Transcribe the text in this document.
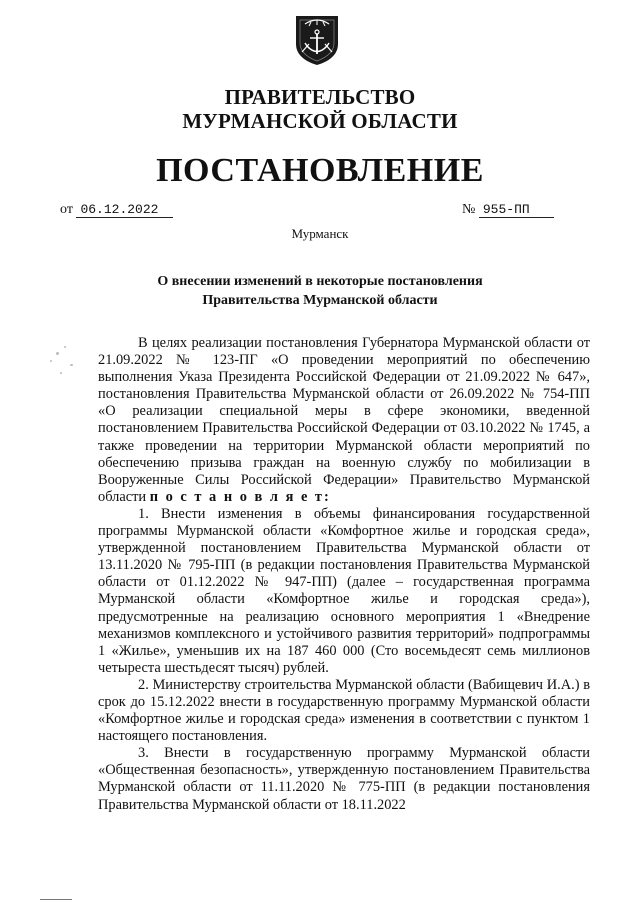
ПРАВИТЕЛЬСТВО
МУРМАНСКОЙ ОБЛАСТИ
ПОСТАНОВЛЕНИЕ
от 06.12.2022	№ 955-ПП
Мурманск
О внесении изменений в некоторые постановления
Правительства Мурманской области

В целях реализации постановления Губернатора Мурманской области от 21.09.2022 № 123-ПГ «О проведении мероприятий по обеспечению выполнения Указа Президента Российской Федерации от 21.09.2022 № 647», постановления Правительства Мурманской области от 26.09.2022 № 754-ПП «О реализации специальной меры в сфере экономики, введенной постановлением Правительства Российской Федерации от 03.10.2022 № 1745, а также проведении на территории Мурманской области мероприятий по обеспечению призыва граждан на военную службу по мобилизации в Вооруженные Силы Российской Федерации» Правительство Мурманской области п о с т а н о в л я е т:

1. Внести изменения в объемы финансирования государственной программы Мурманской области «Комфортное жилье и городская среда», утвержденной постановлением Правительства Мурманской области от 13.11.2020 № 795-ПП (в редакции постановления Правительства Мурманской области от 01.12.2022 № 947-ПП) (далее – государственная программа Мурманской области «Комфортное жилье и городская среда»), предусмотренные на реализацию основного мероприятия 1 «Внедрение механизмов комплексного и устойчивого развития территорий» подпрограммы 1 «Жилье», уменьшив их на 187 460 000 (Сто восемьдесят семь миллионов четыреста шестьдесят тысяч) рублей.

2. Министерству строительства Мурманской области (Вабищевич И.А.) в срок до 15.12.2022 внести в государственную программу Мурманской области «Комфортное жилье и городская среда» изменения в соответствии с пунктом 1 настоящего постановления.

3. Внести в государственную программу Мурманской области «Общественная безопасность», утвержденную постановлением Правительства Мурманской области от 11.11.2020 № 775-ПП (в редакции постановления Правительства Мурманской области от 18.11.2022
